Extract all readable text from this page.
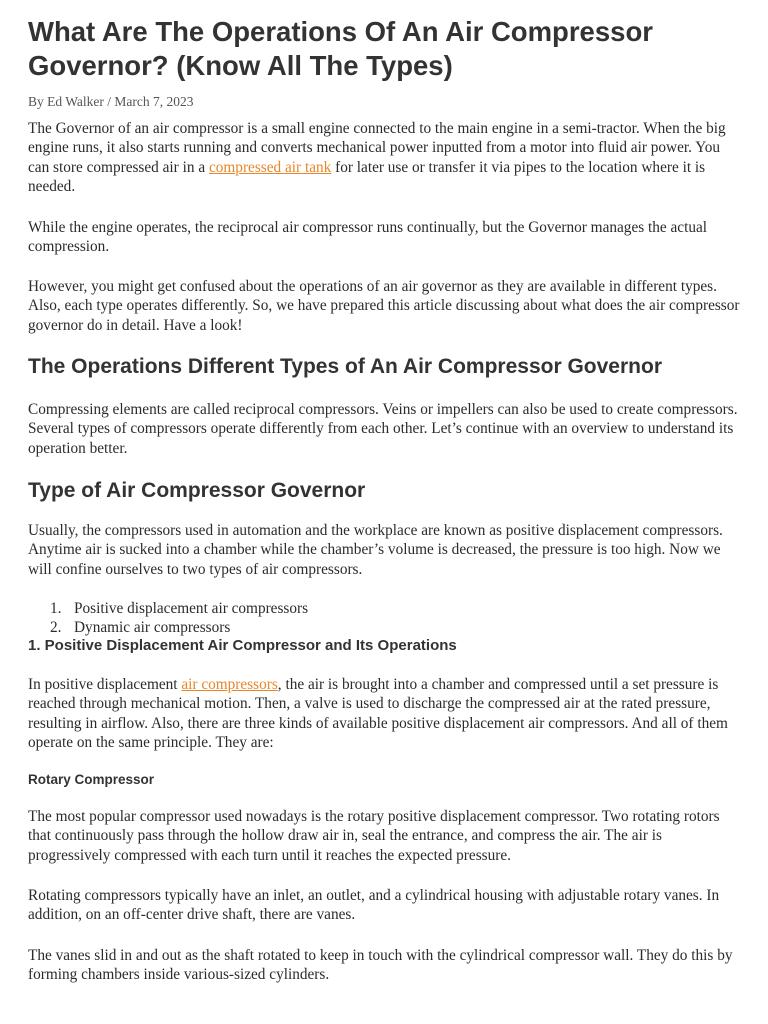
What Are The Operations Of An Air Compressor Governor? (Know All The Types)
By Ed Walker / March 7, 2023

The Governor of an air compressor is a small engine connected to the main engine in a semi-tractor. When the big engine runs, it also starts running and converts mechanical power inputted from a motor into fluid air power. You can store compressed air in a compressed air tank for later use or transfer it via pipes to the location where it is needed.

While the engine operates, the reciprocal air compressor runs continually, but the Governor manages the actual compression.

However, you might get confused about the operations of an air governor as they are available in different types. Also, each type operates differently. So, we have prepared this article discussing about what does the air compressor governor do in detail. Have a look!

The Operations Different Types of An Air Compressor Governor

Compressing elements are called reciprocal compressors. Veins or impellers can also be used to create compressors. Several types of compressors operate differently from each other. Let’s continue with an overview to understand its operation better.

Type of Air Compressor Governor

Usually, the compressors used in automation and the workplace are known as positive displacement compressors. Anytime air is sucked into a chamber while the chamber’s volume is decreased, the pressure is too high. Now we will confine ourselves to two types of air compressors.

1. Positive displacement air compressors
2. Dynamic air compressors
1. Positive Displacement Air Compressor and Its Operations

In positive displacement air compressors, the air is brought into a chamber and compressed until a set pressure is reached through mechanical motion. Then, a valve is used to discharge the compressed air at the rated pressure, resulting in airflow. Also, there are three kinds of available positive displacement air compressors. And all of them operate on the same principle. They are:

Rotary Compressor

The most popular compressor used nowadays is the rotary positive displacement compressor. Two rotating rotors that continuously pass through the hollow draw air in, seal the entrance, and compress the air. The air is progressively compressed with each turn until it reaches the expected pressure.

Rotating compressors typically have an inlet, an outlet, and a cylindrical housing with adjustable rotary vanes. In addition, on an off-center drive shaft, there are vanes.

The vanes slid in and out as the shaft rotated to keep in touch with the cylindrical compressor wall. They do this by forming chambers inside various-sized cylinders.
